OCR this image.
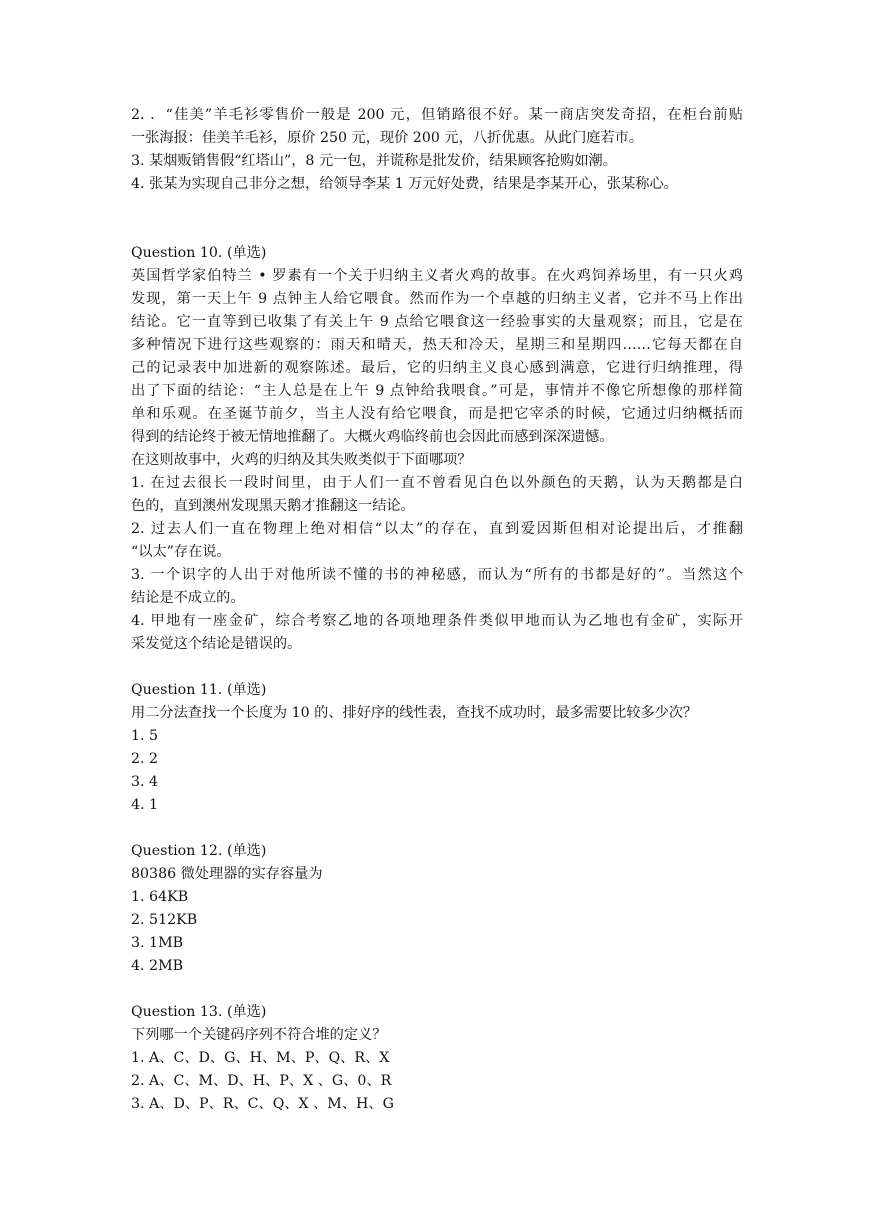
2. ．“佳美”羊毛衫零售价一般是 200 元，但销路很不好。某一商店突发奇招，在柜台前贴
一张海报：佳美羊毛衫，原价 250 元，现价 200 元，八折优惠。从此门庭若市。
3. 某烟贩销售假“红塔山”，8 元一包，并谎称是批发价，结果顾客抢购如潮。
4. 张某为实现自己非分之想，给领导李某 1 万元好处费，结果是李某开心，张某称心。
Question 10. (单选)
英国哲学家伯特兰 • 罗素有一个关于归纳主义者火鸡的故事。在火鸡饲养场里，有一只火鸡
发现，第一天上午 9 点钟主人给它喂食。然而作为一个卓越的归纳主义者，它并不马上作出
结论。它一直等到已收集了有关上午 9 点给它喂食这一经验事实的大量观察；而且，它是在
多种情况下进行这些观察的：雨天和晴天，热天和冷天，星期三和星期四……它每天都在自
己的记录表中加进新的观察陈述。最后，它的归纳主义良心感到满意，它进行归纳推理，得
出了下面的结论：“主人总是在上午 9 点钟给我喂食。”可是，事情并不像它所想像的那样简
单和乐观。在圣诞节前夕，当主人没有给它喂食，而是把它宰杀的时候，它通过归纳概括而
得到的结论终于被无情地推翻了。大概火鸡临终前也会因此而感到深深遗憾。
在这则故事中，火鸡的归纳及其失败类似于下面哪项？
1. 在过去很长一段时间里，由于人们一直不曾看见白色以外颜色的天鹅，认为天鹅都是白
色的，直到澳州发现黑天鹅才推翻这一结论。
2. 过去人们一直在物理上绝对相信“以太”的存在，直到爱因斯但相对论提出后，才推翻
“以太”存在说。
3. 一个识字的人出于对他所读不懂的书的神秘感，而认为“所有的书都是好的”。当然这个
结论是不成立的。
4. 甲地有一座金矿，综合考察乙地的各项地理条件类似甲地而认为乙地也有金矿，实际开
采发觉这个结论是错误的。
Question 11. (单选)
用二分法查找一个长度为 10 的、排好序的线性表，查找不成功时，最多需要比较多少次？
1. 5
2. 2
3. 4
4. 1
Question 12. (单选)
80386 微处理器的实存容量为
1. 64KB
2. 512KB
3. 1MB
4. 2MB
Question 13. (单选)
下列哪一个关键码序列不符合堆的定义？
1. A、C、D、G、H、M、P、Q、R、X
2. A、C、M、D、H、P、X 、G、0、R
3. A、D、P、R、C、Q、X 、M、H、G
